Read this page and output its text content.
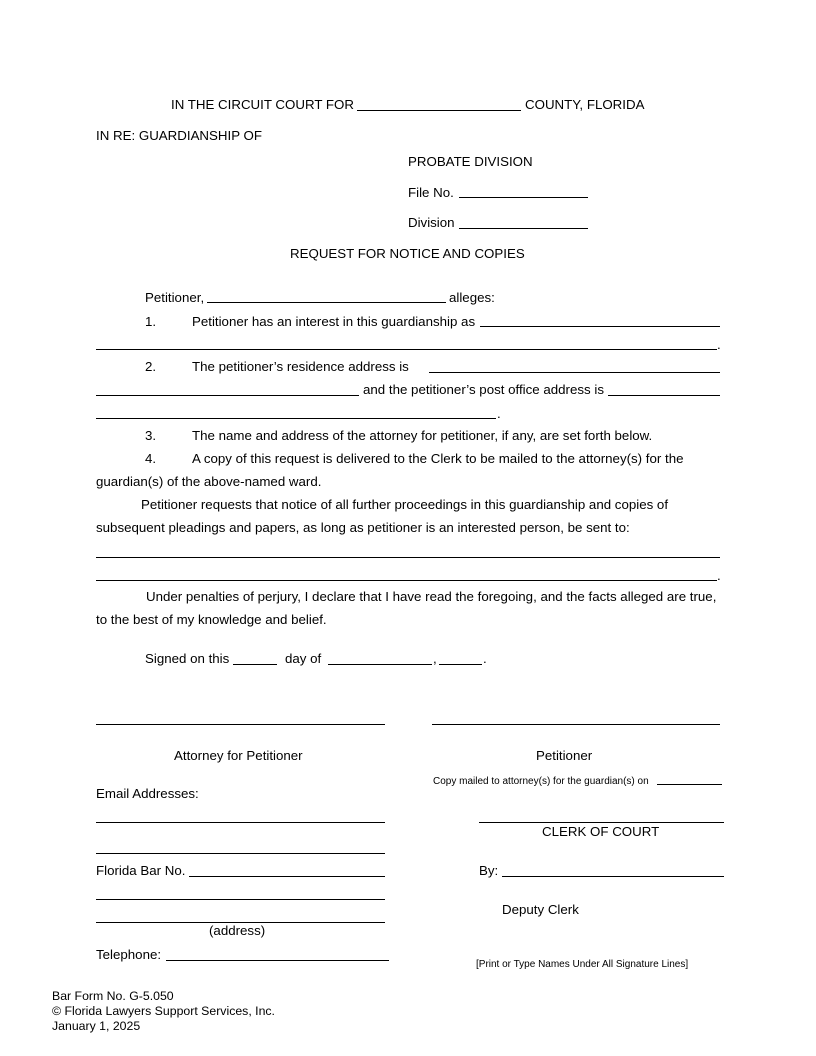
IN THE CIRCUIT COURT FOR	COUNTY, FLORIDA
IN RE: GUARDIANSHIP OF
PROBATE DIVISION
File No.
Division
REQUEST FOR NOTICE AND COPIES
Petitioner,	alleges:
1.	Petitioner has an interest in this guardianship as
.
2.	The petitioner’s residence address is
and the petitioner’s post office address is
.
3.	The name and address of the attorney for petitioner, if any, are set forth below.
4.	A copy of this request is delivered to the Clerk to be mailed to the attorney(s) for the
guardian(s) of the above-named ward.
Petitioner requests that notice of all further proceedings in this guardianship and copies of
subsequent pleadings and papers, as long as petitioner is an interested person, be sent to:
.
Under penalties of perjury, I declare that I have read the foregoing, and the facts alleged are true,
to the best of my knowledge and belief.
Signed on this	day of	,	.
Attorney for Petitioner	Petitioner
Copy mailed to attorney(s) for the guardian(s) on
Email Addresses:
CLERK OF COURT
Florida Bar No.	By:
Deputy Clerk
(address)
Telephone:
[Print or Type Names Under All Signature Lines]
Bar Form No. G-5.050
© Florida Lawyers Support Services, Inc.
January 1, 2025
